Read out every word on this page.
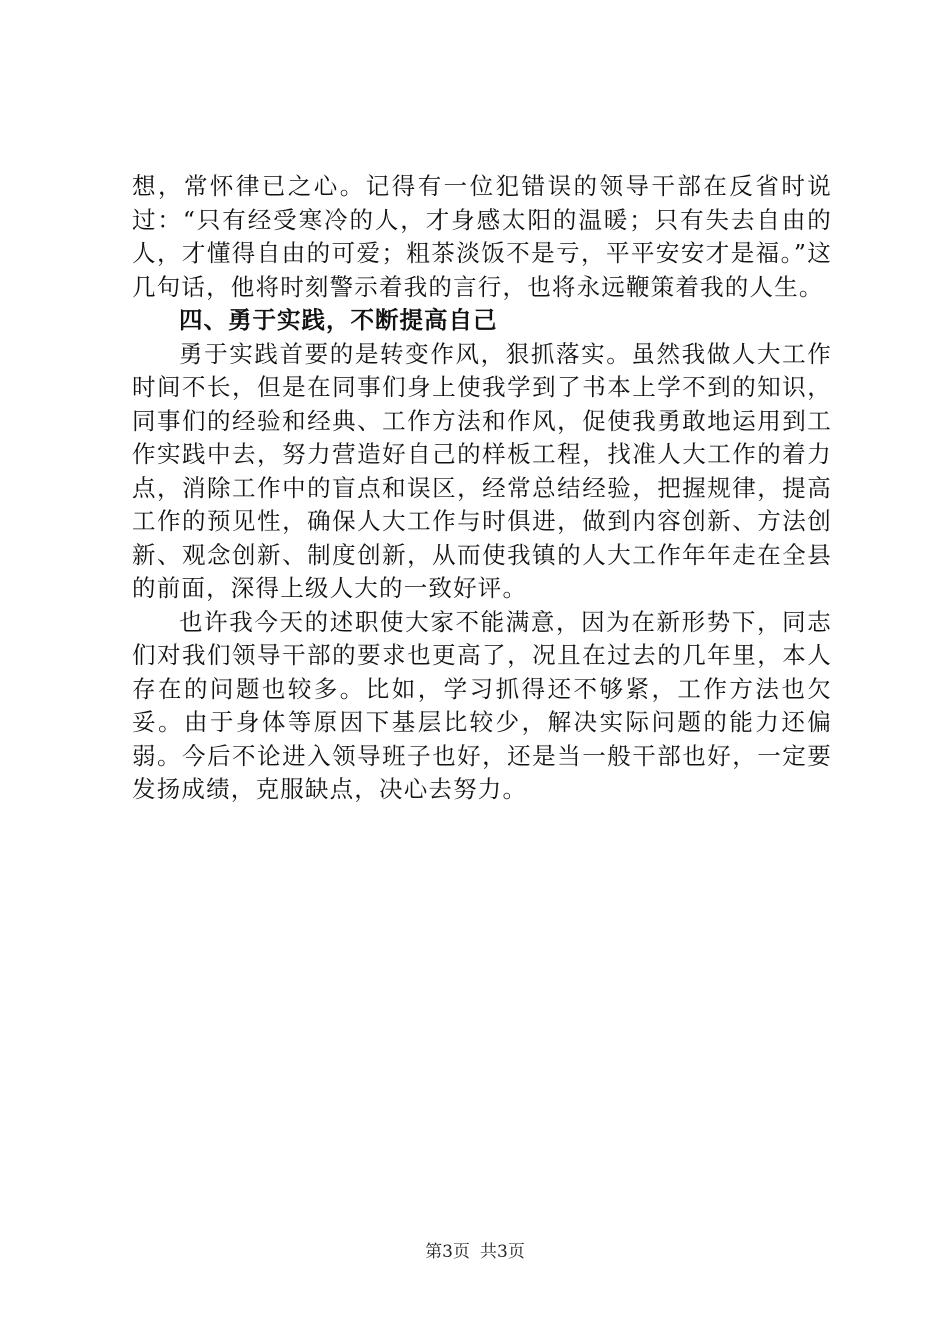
想，常怀律已之心。记得有一位犯错误的领导干部在反省时说过：“只有经受寒冷的人，才身感太阳的温暖；只有失去自由的人，才懂得自由的可爱；粗茶淡饭不是亏，平平安安才是福。”这几句话，他将时刻警示着我的言行，也将永远鞭策着我的人生。

四、勇于实践，不断提高自己

勇于实践首要的是转变作风，狠抓落实。虽然我做人大工作时间不长，但是在同事们身上使我学到了书本上学不到的知识，同事们的经验和经典、工作方法和作风，促使我勇敢地运用到工作实践中去，努力营造好自己的样板工程，找准人大工作的着力点，消除工作中的盲点和误区，经常总结经验，把握规律，提高工作的预见性，确保人大工作与时俱进，做到内容创新、方法创新、观念创新、制度创新，从而使我镇的人大工作年年走在全县的前面，深得上级人大的一致好评。

也许我今天的述职使大家不能满意，因为在新形势下，同志们对我们领导干部的要求也更高了，况且在过去的几年里，本人存在的问题也较多。比如，学习抓得还不够紧，工作方法也欠妥。由于身体等原因下基层比较少，解决实际问题的能力还偏弱。今后不论进入领导班子也好，还是当一般干部也好，一定要发扬成绩，克服缺点，决心去努力。

第3页 共3页
